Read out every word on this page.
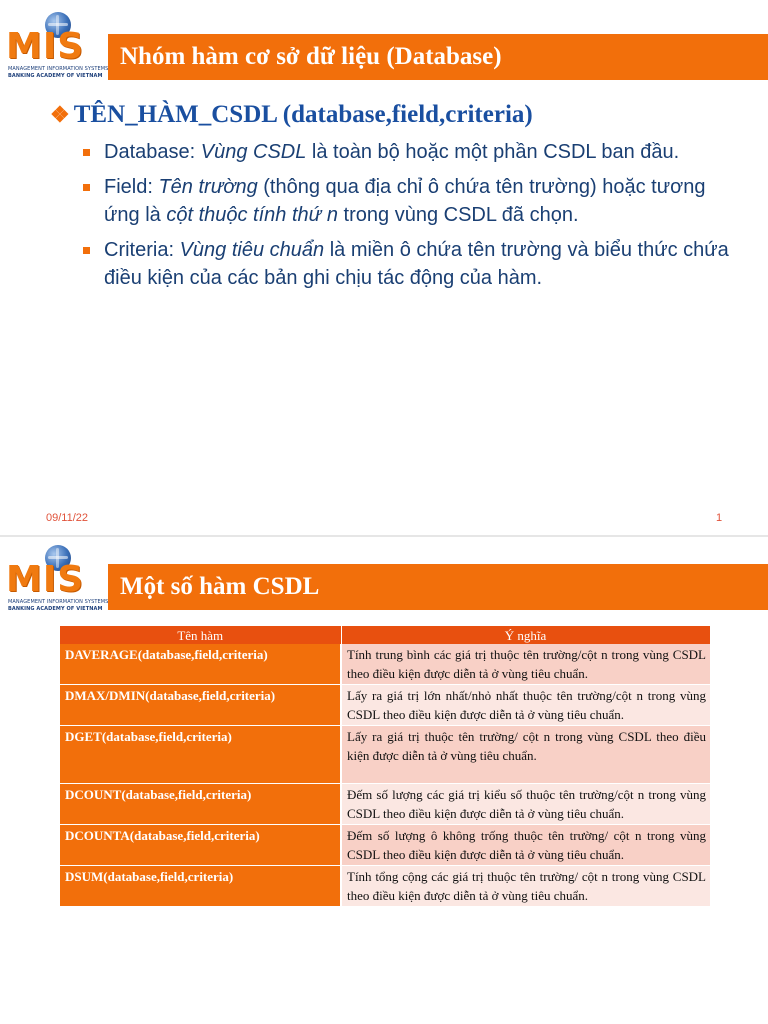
MIS
MANAGEMENT INFORMATION SYSTEMS
BANKING ACADEMY OF VIETNAM
Nhóm hàm cơ sở dữ liệu (Database)
❖ TÊN_HÀM_CSDL (database,field,criteria)
Database: Vùng CSDL là toàn bộ hoặc một phần CSDL ban đầu.
Field: Tên trường (thông qua địa chỉ ô chứa tên trường) hoặc tương ứng là cột thuộc tính thứ n trong vùng CSDL đã chọn.
Criteria: Vùng tiêu chuẩn là miền ô chứa tên trường và biểu thức chứa điều kiện của các bản ghi chịu tác động của hàm.
09/11/22	1
MIS
MANAGEMENT INFORMATION SYSTEMS
BANKING ACADEMY OF VIETNAM
Một số hàm CSDL
Tên hàm	Ý nghĩa
DAVERAGE(database,field,criteria)	Tính trung bình các giá trị thuộc tên trường/cột n trong vùng CSDL theo điều kiện được diễn tả ở vùng tiêu chuẩn.
DMAX/DMIN(database,field,criteria)	Lấy ra giá trị lớn nhất/nhỏ nhất thuộc tên trường/cột n trong vùng CSDL theo điều kiện được diễn tả ở vùng tiêu chuẩn.
DGET(database,field,criteria)	Lấy ra giá trị thuộc tên trường/ cột n trong vùng CSDL theo điều kiện được diễn tả ở vùng tiêu chuẩn.
DCOUNT(database,field,criteria)	Đếm số lượng các giá trị kiểu số thuộc tên trường/cột n trong vùng CSDL theo điều kiện được diễn tả ở vùng tiêu chuẩn.
DCOUNTA(database,field,criteria)	Đếm số lượng ô không trống thuộc tên trường/ cột n trong vùng CSDL theo điều kiện được diễn tả ở vùng tiêu chuẩn.
DSUM(database,field,criteria)	Tính tổng cộng các giá trị thuộc tên trường/ cột n trong vùng CSDL theo điều kiện được diễn tả ở vùng tiêu chuẩn.
